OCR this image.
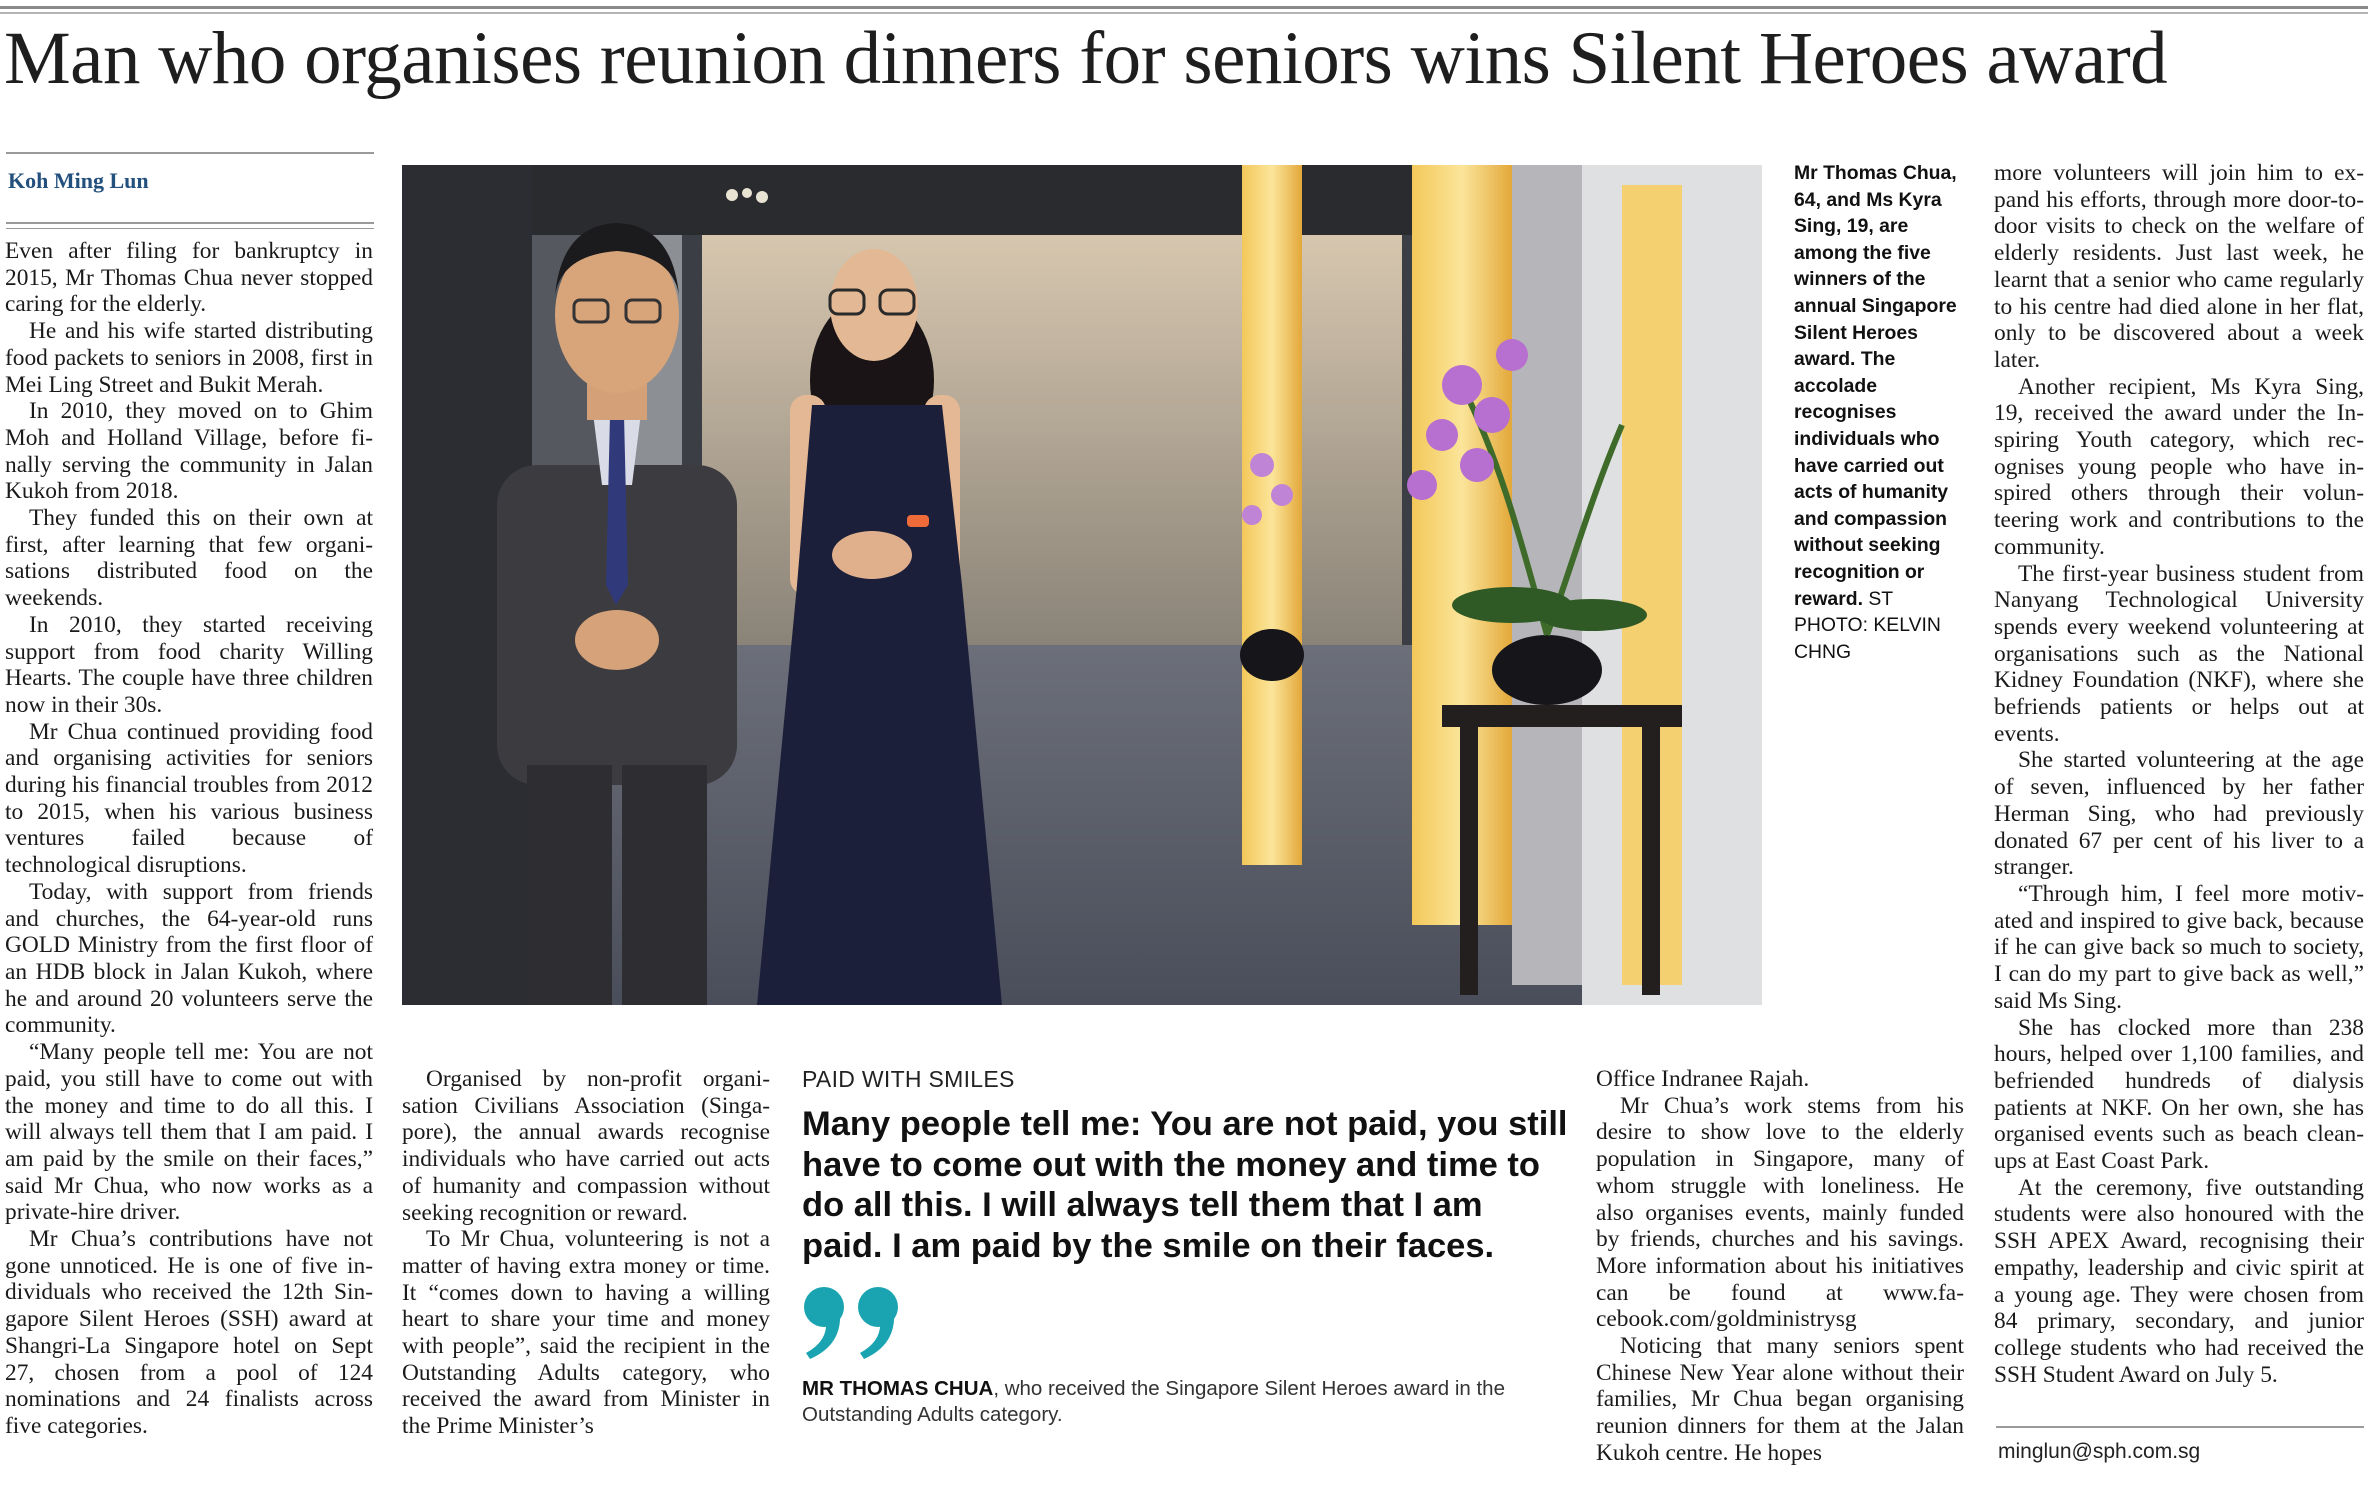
Man who organises reunion dinners for seniors wins Silent Heroes award
Koh Ming Lun

Even after filing for bankruptcy in 2015, Mr Thomas Chua never stopped caring for the elderly.

He and his wife started distributing food packets to seniors in 2008, first in Mei Ling Street and Bukit Merah.

In 2010, they moved on to Ghim Moh and Holland Village, before finally serving the community in Jalan Kukoh from 2018.

They funded this on their own at first, after learning that few organisations distributed food on the weekends.

In 2010, they started receiving support from food charity Willing Hearts. The couple have three children now in their 30s.

Mr Chua continued providing food and organising activities for seniors during his financial troubles from 2012 to 2015, when his various business ventures failed because of technological disruptions.

Today, with support from friends and churches, the 64-year-old runs GOLD Ministry from the first floor of an HDB block in Jalan Kukoh, where he and around 20 volunteers serve the community.

“Many people tell me: You are not paid, you still have to come out with the money and time to do all this. I will always tell them that I am paid. I am paid by the smile on their faces,” said Mr Chua, who now works as a private-hire driver.

Mr Chua’s contributions have not gone unnoticed. He is one of five individuals who received the 12th Singapore Silent Heroes (SSH) award at Shangri-La Singapore hotel on Sept 27, chosen from a pool of 124 nominations and 24 finalists across five categories.

Mr Thomas Chua, 64, and Ms Kyra Sing, 19, are among the five winners of the annual Singapore Silent Heroes award. The accolade recognises individuals who have carried out acts of humanity and compassion without seeking recognition or reward. ST PHOTO: KELVIN CHNG

more volunteers will join him to expand his efforts, through more door-to-door visits to check on the welfare of elderly residents. Just last week, he learnt that a senior who came regularly to his centre had died alone in her flat, only to be discovered about a week later.

Another recipient, Ms Kyra Sing, 19, received the award under the Inspiring Youth category, which recognises young people who have inspired others through their volunteering work and contributions to the community.

The first-year business student from Nanyang Technological University spends every weekend volunteering at organisations such as the National Kidney Foundation (NKF), where she befriends patients or helps out at events.

She started volunteering at the age of seven, influenced by her father Herman Sing, who had previously donated 67 per cent of his liver to a stranger.

“Through him, I feel more motivated and inspired to give back, because if he can give back so much to society, I can do my part to give back as well,” said Ms Sing.

She has clocked more than 238 hours, helped over 1,100 families, and befriended hundreds of dialysis patients at NKF. On her own, she has organised events such as beach clean-ups at East Coast Park.

At the ceremony, five outstanding students were also honoured with the SSH APEX Award, recognising their empathy, leadership and civic spirit at a young age. They were chosen from 84 primary, secondary, and junior college students who had received the SSH Student Award on July 5.

Organised by non-profit organisation Civilians Association (Singapore), the annual awards recognise individuals who have carried out acts of humanity and compassion without seeking recognition or reward.

To Mr Chua, volunteering is not a matter of having extra money or time. It “comes down to having a willing heart to share your time and money with people”, said the recipient in the Outstanding Adults category, who received the award from Minister in the Prime Minister’s

PAID WITH SMILES
Many people tell me: You are not paid, you still have to come out with the money and time to do all this. I will always tell them that I am paid. I am paid by the smile on their faces.
MR THOMAS CHUA, who received the Singapore Silent Heroes award in the Outstanding Adults category.

Office Indranee Rajah.

Mr Chua’s work stems from his desire to show love to the elderly population in Singapore, many of whom struggle with loneliness. He also organises events, mainly funded by friends, churches and his savings. More information about his initiatives can be found at www.facebook.com/goldministrysg

Noticing that many seniors spent Chinese New Year alone without their families, Mr Chua began organising reunion dinners for them at the Jalan Kukoh centre. He hopes	minglun@sph.com.sg
